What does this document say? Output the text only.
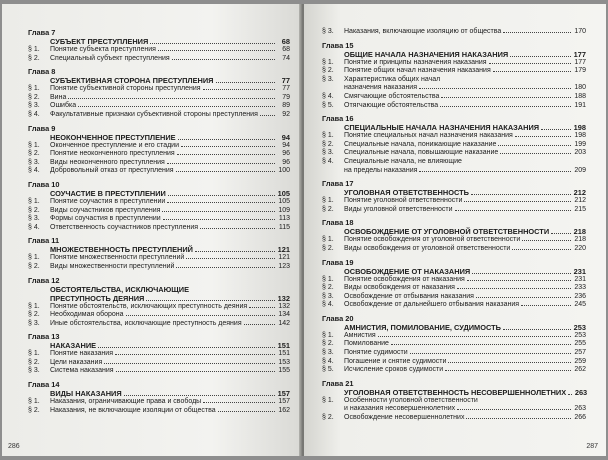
Глава 7
СУБЪЕКТ ПРЕСТУПЛЕНИЯ	68
§ 1.	Понятие субъекта преступления	68
§ 2.	Специальный субъект преступления	74
Глава 8
СУБЪЕКТИВНАЯ СТОРОНА ПРЕСТУПЛЕНИЯ	77
§ 1.	Понятие субъективной стороны преступления	77
§ 2.	Вина	79
§ 3.	Ошибка	89
§ 4.	Факультативные признаки субъективной стороны преступления	92
Глава 9
НЕОКОНЧЕННОЕ ПРЕСТУПЛЕНИЕ	94
§ 1.	Оконченное преступление и его стадии	94
§ 2.	Понятие неоконченного преступления	96
§ 3.	Виды неоконченного преступления	96
§ 4.	Добровольный отказ от преступления	100
Глава 10
СОУЧАСТИЕ В ПРЕСТУПЛЕНИИ	105
§ 1.	Понятие соучастия в преступлении	105
§ 2.	Виды соучастников преступления	109
§ 3.	Формы соучастия в преступлении	113
§ 4.	Ответственность соучастников преступления	115
Глава 11
МНОЖЕСТВЕННОСТЬ ПРЕСТУПЛЕНИЙ	121
§ 1.	Понятие множественности преступлений	121
§ 2.	Виды множественности преступлений	123
Глава 12
ОБСТОЯТЕЛЬСТВА, ИСКЛЮЧАЮЩИЕ
ПРЕСТУПНОСТЬ ДЕЯНИЯ	132
§ 1.	Понятие обстоятельств, исключающих преступность деяния	132
§ 2.	Необходимая оборона	134
§ 3.	Иные обстоятельства, исключающие преступность деяния	142
Глава 13
НАКАЗАНИЕ	151
§ 1.	Понятие наказания	151
§ 2.	Цели наказания	153
§ 3.	Система наказания	155
Глава 14
ВИДЫ НАКАЗАНИЯ	157
§ 1.	Наказания, ограничивающие права и свободы	157
§ 2.	Наказания, не включающие изоляции от общества	162
286
§ 3.	Наказания, включающие изоляцию от общества	170
Глава 15
ОБЩИЕ НАЧАЛА НАЗНАЧЕНИЯ НАКАЗАНИЯ	177
§ 1.	Понятие и принципы назначения наказания	177
§ 2.	Понятие общих начал назначения наказания	179
§ 3.	Характеристика общих начал
назначения наказания	180
§ 4.	Смягчающие обстоятельства	188
§ 5.	Отягчающие обстоятельства	191
Глава 16
СПЕЦИАЛЬНЫЕ НАЧАЛА НАЗНАЧЕНИЯ НАКАЗАНИЯ	198
§ 1.	Понятие специальных начал назначения наказания	198
§ 2.	Специальные начала, понижающие наказание	199
§ 3.	Специальные начала, повышающие наказание	203
§ 4.	Специальные начала, не влияющие
на пределы наказания	209
Глава 17
УГОЛОВНАЯ ОТВЕТСТВЕННОСТЬ	212
§ 1.	Понятие уголовной ответственности	212
§ 2.	Виды уголовной ответственности	215
Глава 18
ОСВОБОЖДЕНИЕ ОТ УГОЛОВНОЙ ОТВЕТСТВЕННОСТИ	218
§ 1.	Понятие освобождения от уголовной ответственности	218
§ 2.	Виды освобождения от уголовной ответственности	220
Глава 19
ОСВОБОЖДЕНИЕ ОТ НАКАЗАНИЯ	231
§ 1.	Понятие освобождения от наказания	231
§ 2.	Виды освобождения от наказания	233
§ 3.	Освобождение от отбывания наказания	236
§ 4.	Освобождение от дальнейшего отбывания наказания	245
Глава 20
АМНИСТИЯ, ПОМИЛОВАНИЕ, СУДИМОСТЬ	253
§ 1.	Амнистия	253
§ 2.	Помилование	255
§ 3.	Понятие судимости	257
§ 4.	Погашение и снятие судимости	259
§ 5.	Исчисление сроков судимости	262
Глава 21
УГОЛОВНАЯ ОТВЕТСТВЕННОСТЬ НЕСОВЕРШЕННОЛЕТНИХ 263
§ 1.	Особенности уголовной ответственности
и наказания несовершеннолетних	263
§ 2.	Освобождение несовершеннолетних	266
287
